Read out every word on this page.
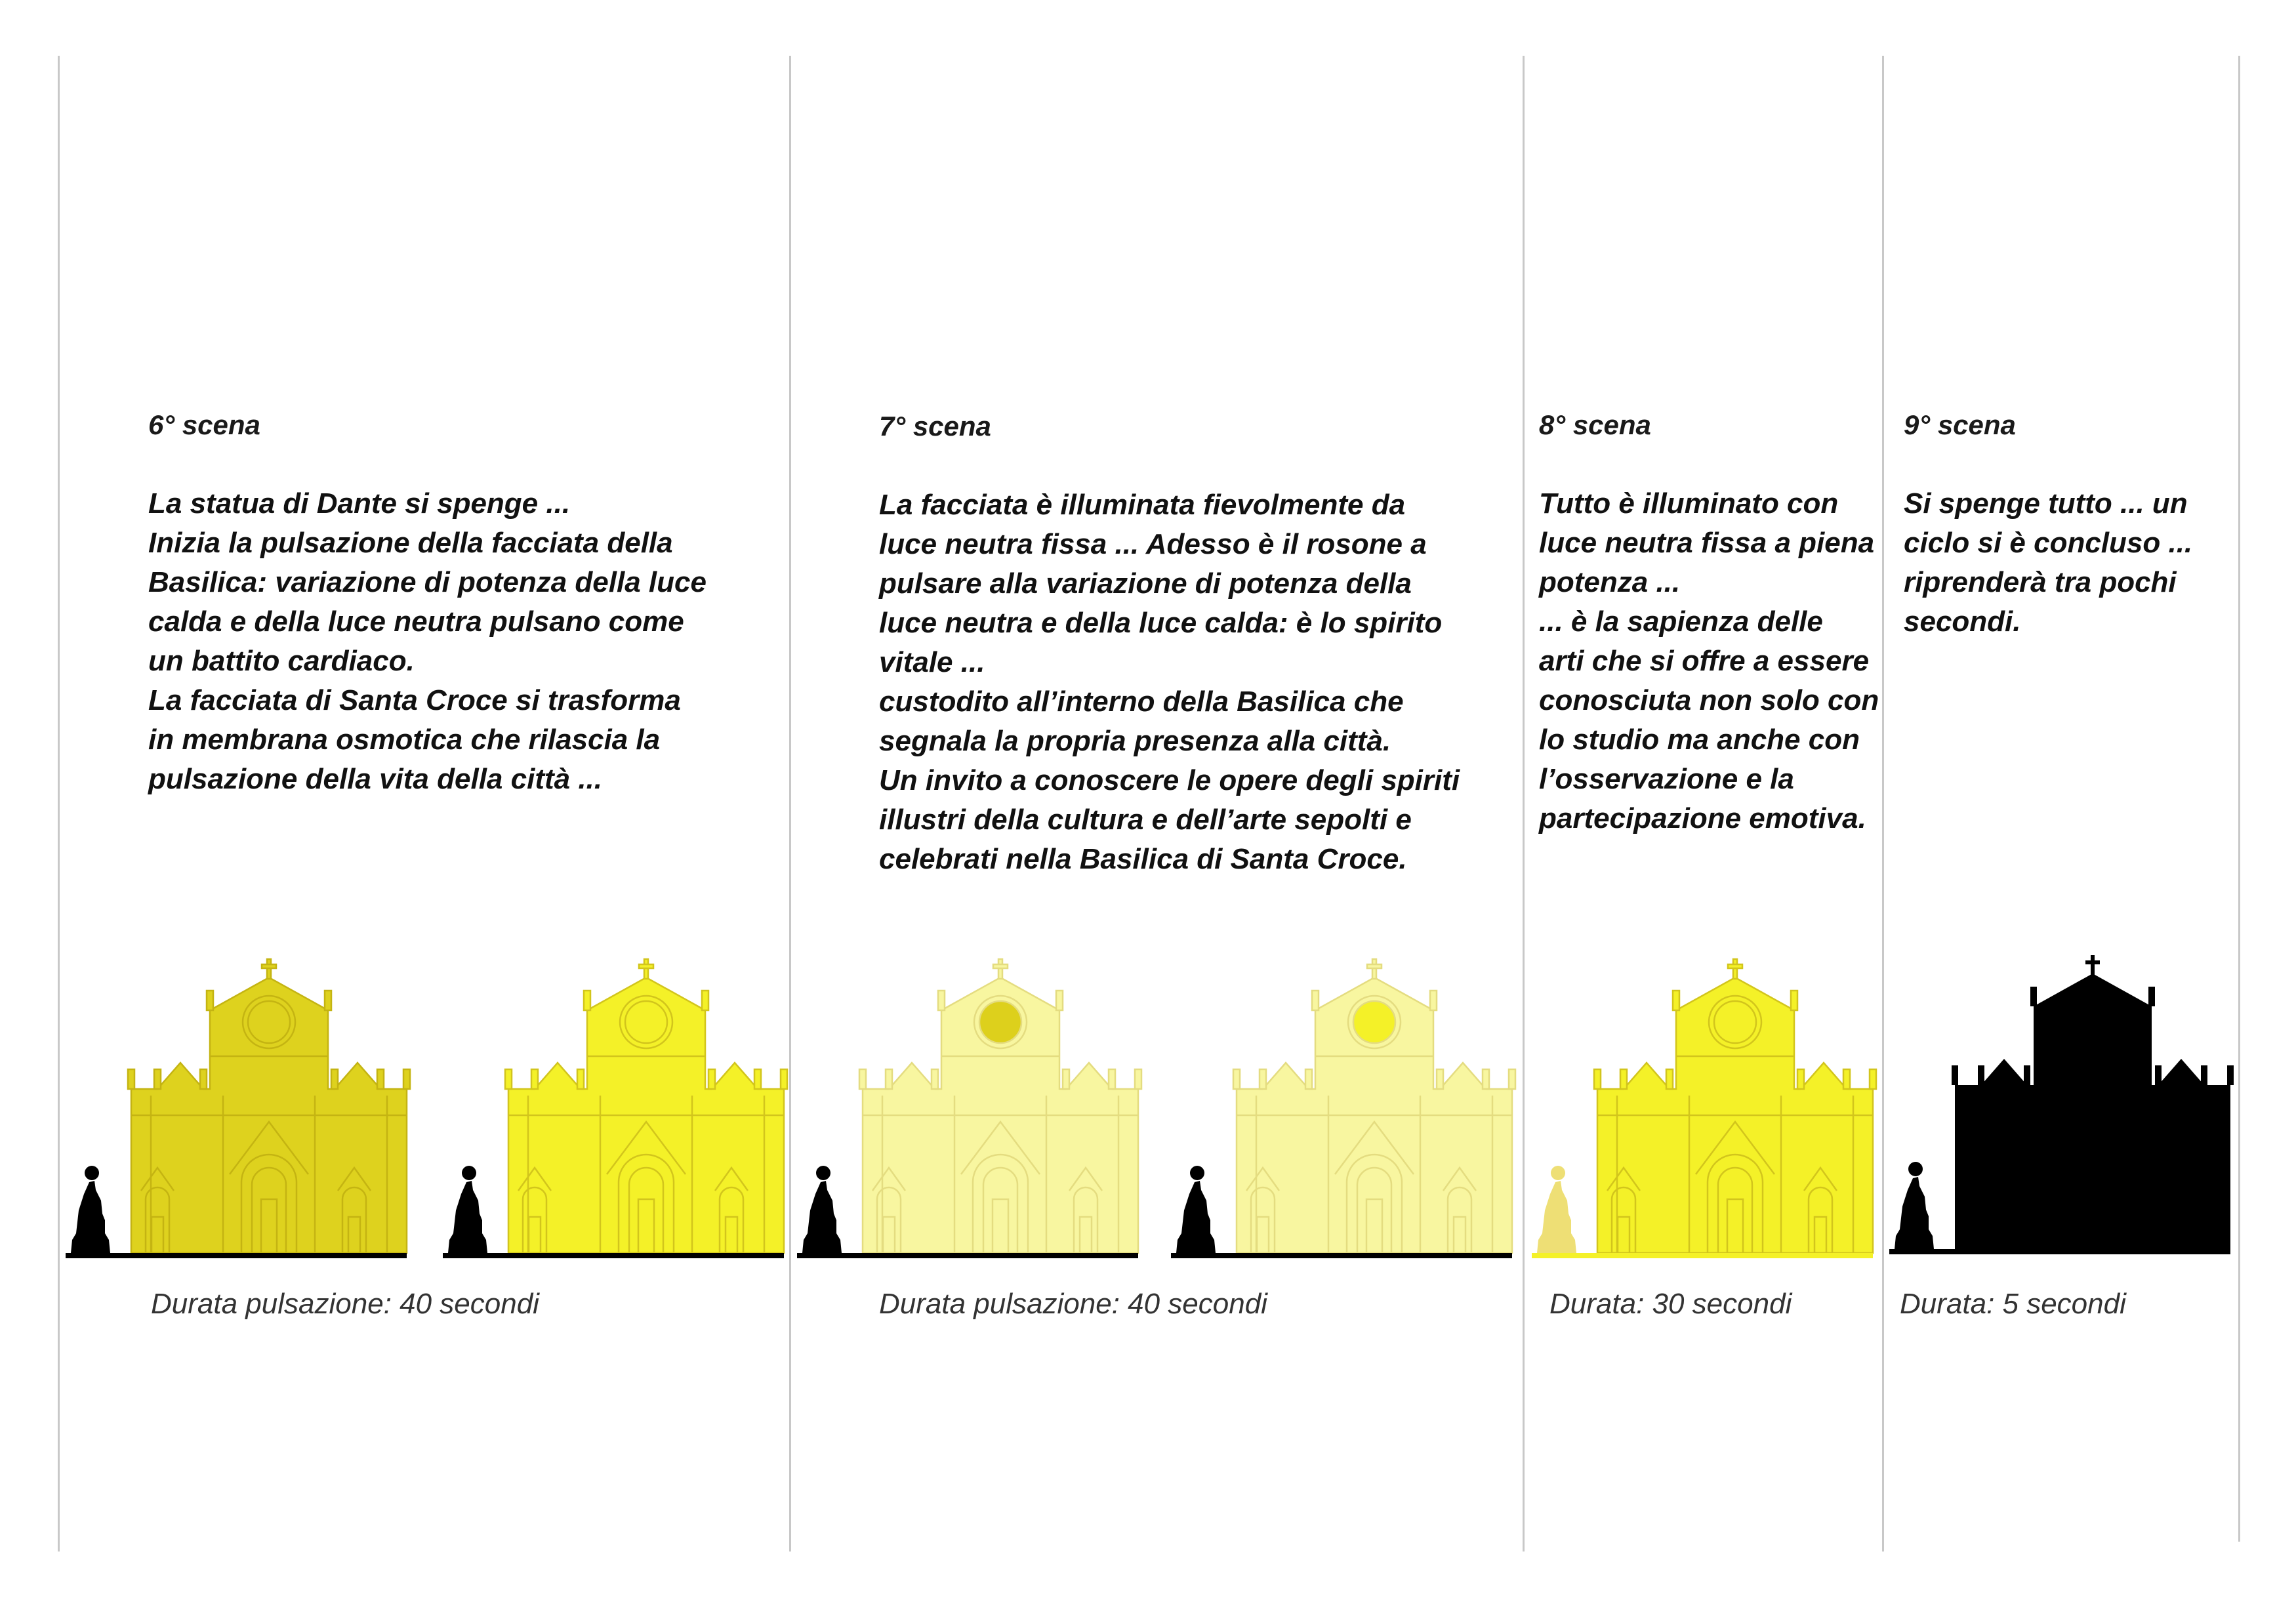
6° scena
La statua di Dante si spenge ...
Inizia la pulsazione della facciata della
Basilica: variazione di potenza della luce
calda e della luce neutra pulsano come
un battito cardiaco.
La facciata di Santa Croce si trasforma
in membrana osmotica che rilascia la
pulsazione della vita della città ...

Durata pulsazione: 40 secondi

7° scena
La facciata è illuminata fievolmente da
luce neutra fissa ... Adesso è il rosone a
pulsare alla variazione di potenza della
luce neutra e della luce calda: è lo spirito
vitale ...
custodito all’interno della Basilica che
segnala la propria presenza alla città.
Un invito a conoscere le opere degli spiriti
illustri della cultura e dell’arte sepolti e
celebrati nella Basilica di Santa Croce.

Durata pulsazione: 40 secondi

8° scena
Tutto è illuminato con
luce neutra fissa a piena
potenza ...
... è la sapienza delle
arti che si offre a essere
conosciuta non solo con
lo studio ma anche con
l’osservazione e la
partecipazione emotiva.

Durata: 30 secondi

9° scena
Si spenge tutto ... un
ciclo si è concluso ...
riprenderà tra pochi
secondi.

Durata: 5 secondi
